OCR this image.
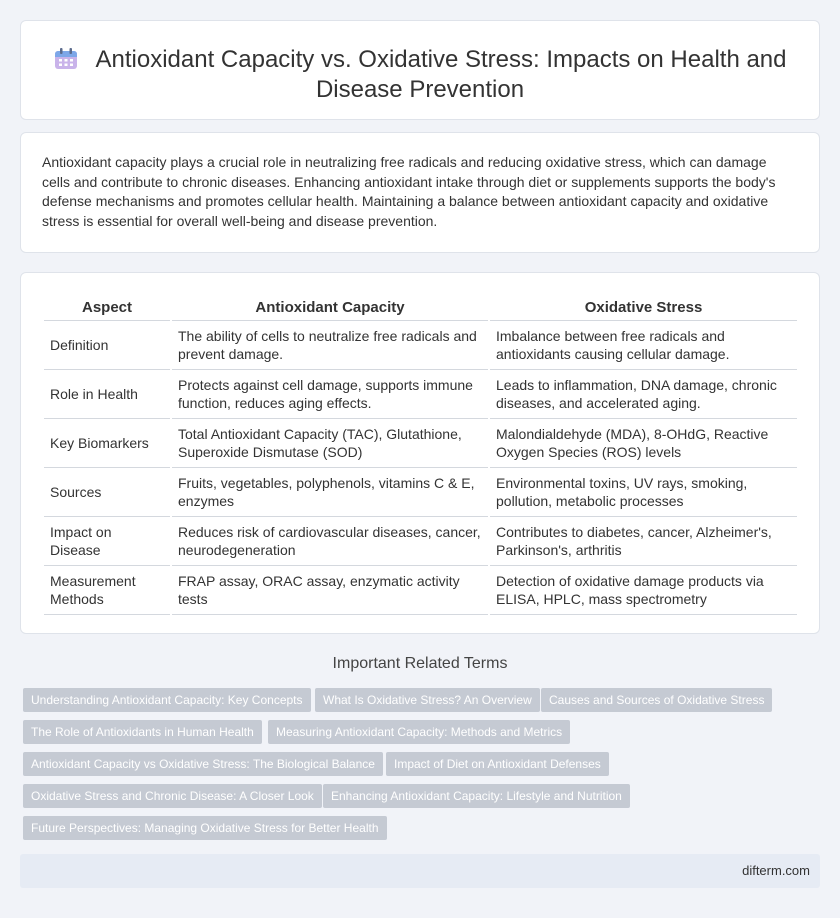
Antioxidant Capacity vs. Oxidative Stress: Impacts on Health and Disease Prevention

Antioxidant capacity plays a crucial role in neutralizing free radicals and reducing oxidative stress, which can damage cells and contribute to chronic diseases. Enhancing antioxidant intake through diet or supplements supports the body's defense mechanisms and promotes cellular health. Maintaining a balance between antioxidant capacity and oxidative stress is essential for overall well-being and disease prevention.

Aspect	Antioxidant Capacity	Oxidative Stress
Definition	The ability of cells to neutralize free radicals and prevent damage.	Imbalance between free radicals and antioxidants causing cellular damage.
Role in Health	Protects against cell damage, supports immune function, reduces aging effects.	Leads to inflammation, DNA damage, chronic diseases, and accelerated aging.
Key Biomarkers	Total Antioxidant Capacity (TAC), Glutathione, Superoxide Dismutase (SOD)	Malondialdehyde (MDA), 8-OHdG, Reactive Oxygen Species (ROS) levels
Sources	Fruits, vegetables, polyphenols, vitamins C & E, enzymes	Environmental toxins, UV rays, smoking, pollution, metabolic processes
Impact on Disease	Reduces risk of cardiovascular diseases, cancer, neurodegeneration	Contributes to diabetes, cancer, Alzheimer's, Parkinson's, arthritis
Measurement Methods	FRAP assay, ORAC assay, enzymatic activity tests	Detection of oxidative damage products via ELISA, HPLC, mass spectrometry
Important Related Terms
Understanding Antioxidant Capacity: Key Concepts	What Is Oxidative Stress? An Overview	Causes and Sources of Oxidative Stress
The Role of Antioxidants in Human Health	Measuring Antioxidant Capacity: Methods and Metrics
Antioxidant Capacity vs Oxidative Stress: The Biological Balance	Impact of Diet on Antioxidant Defenses
Oxidative Stress and Chronic Disease: A Closer Look	Enhancing Antioxidant Capacity: Lifestyle and Nutrition
Future Perspectives: Managing Oxidative Stress for Better Health
difterm.com
